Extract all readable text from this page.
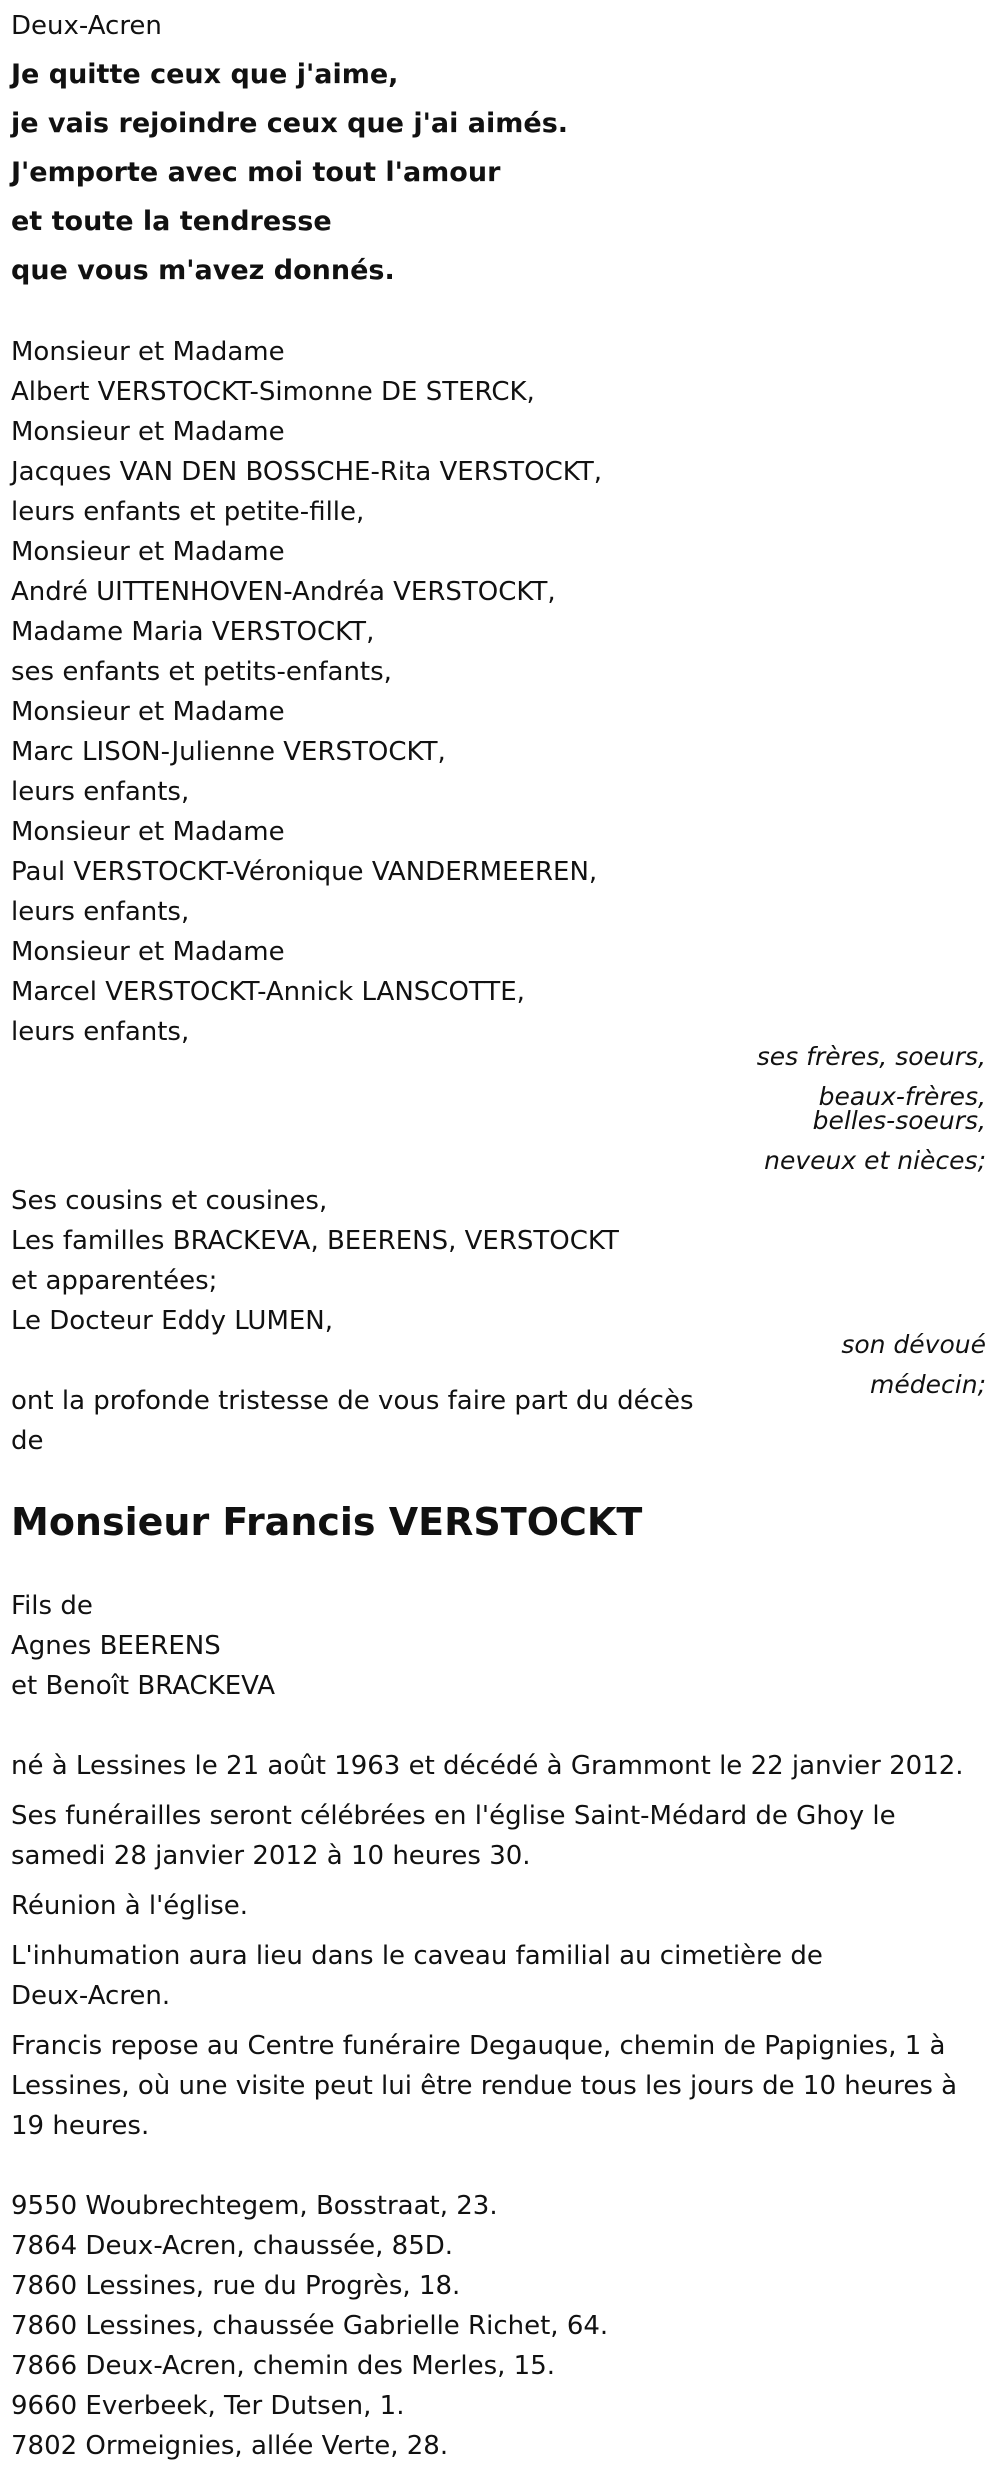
Deux-Acren
Je quitte ceux que j'aime,
je vais rejoindre ceux que j'ai aimés.
J'emporte avec moi tout l'amour
et toute la tendresse
que vous m'avez donnés.
Monsieur et Madame
Albert VERSTOCKT-Simonne DE STERCK,
Monsieur et Madame
Jacques VAN DEN BOSSCHE-Rita VERSTOCKT,
leurs enfants et petite-fille,
Monsieur et Madame
André UITTENHOVEN-Andréa VERSTOCKT,
Madame Maria VERSTOCKT,
ses enfants et petits-enfants,
Monsieur et Madame
Marc LISON-Julienne VERSTOCKT,
leurs enfants,
Monsieur et Madame
Paul VERSTOCKT-Véronique VANDERMEEREN,
leurs enfants,
Monsieur et Madame
Marcel VERSTOCKT-Annick LANSCOTTE,
leurs enfants,
ses frères, soeurs,
beaux-frères,
belles-soeurs,
neveux et nièces;
Ses cousins et cousines,
Les familles BRACKEVA, BEERENS, VERSTOCKT
et apparentées;
Le Docteur Eddy LUMEN,
son dévoué
médecin;
ont la profonde tristesse de vous faire part du décès
de
Monsieur Francis VERSTOCKT
Fils de
Agnes BEERENS
et Benoît BRACKEVA

né à Lessines le 21 août 1963 et décédé à Grammont le 22 janvier 2012.

Ses funérailles seront célébrées en l'église Saint-Médard de Ghoy le samedi 28 janvier 2012 à 10 heures 30.

Réunion à l'église.

L'inhumation aura lieu dans le caveau familial au cimetière de Deux-Acren.

Francis repose au Centre funéraire Degauque, chemin de Papignies, 1 à Lessines, où une visite peut lui être rendue tous les jours de 10 heures à 19 heures.

9550 Woubrechtegem, Bosstraat, 23.
7864 Deux-Acren, chaussée, 85D.
7860 Lessines, rue du Progrès, 18.
7860 Lessines, chaussée Gabrielle Richet, 64.
7866 Deux-Acren, chemin des Merles, 15.
9660 Everbeek, Ter Dutsen, 1.
7802 Ormeignies, allée Verte, 28.
